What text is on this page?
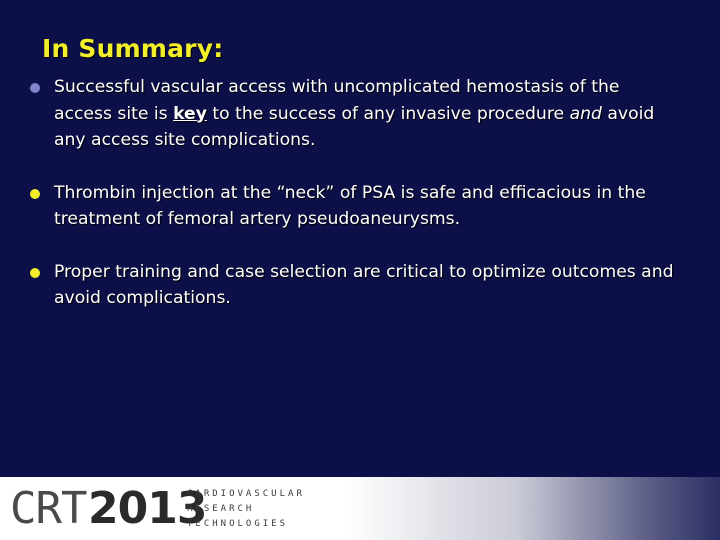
In Summary:
Successful vascular access with uncomplicated hemostasis of the access site is key to the success of any invasive procedure and avoid any access site complications.
Thrombin injection at the “neck” of PSA is safe and efficacious in the treatment of femoral artery pseudoaneurysms.
Proper training and case selection are critical to optimize outcomes and avoid complications.
CRT 2013
CARDIOVASCULAR
RESEARCH
TECHNOLOGIES
